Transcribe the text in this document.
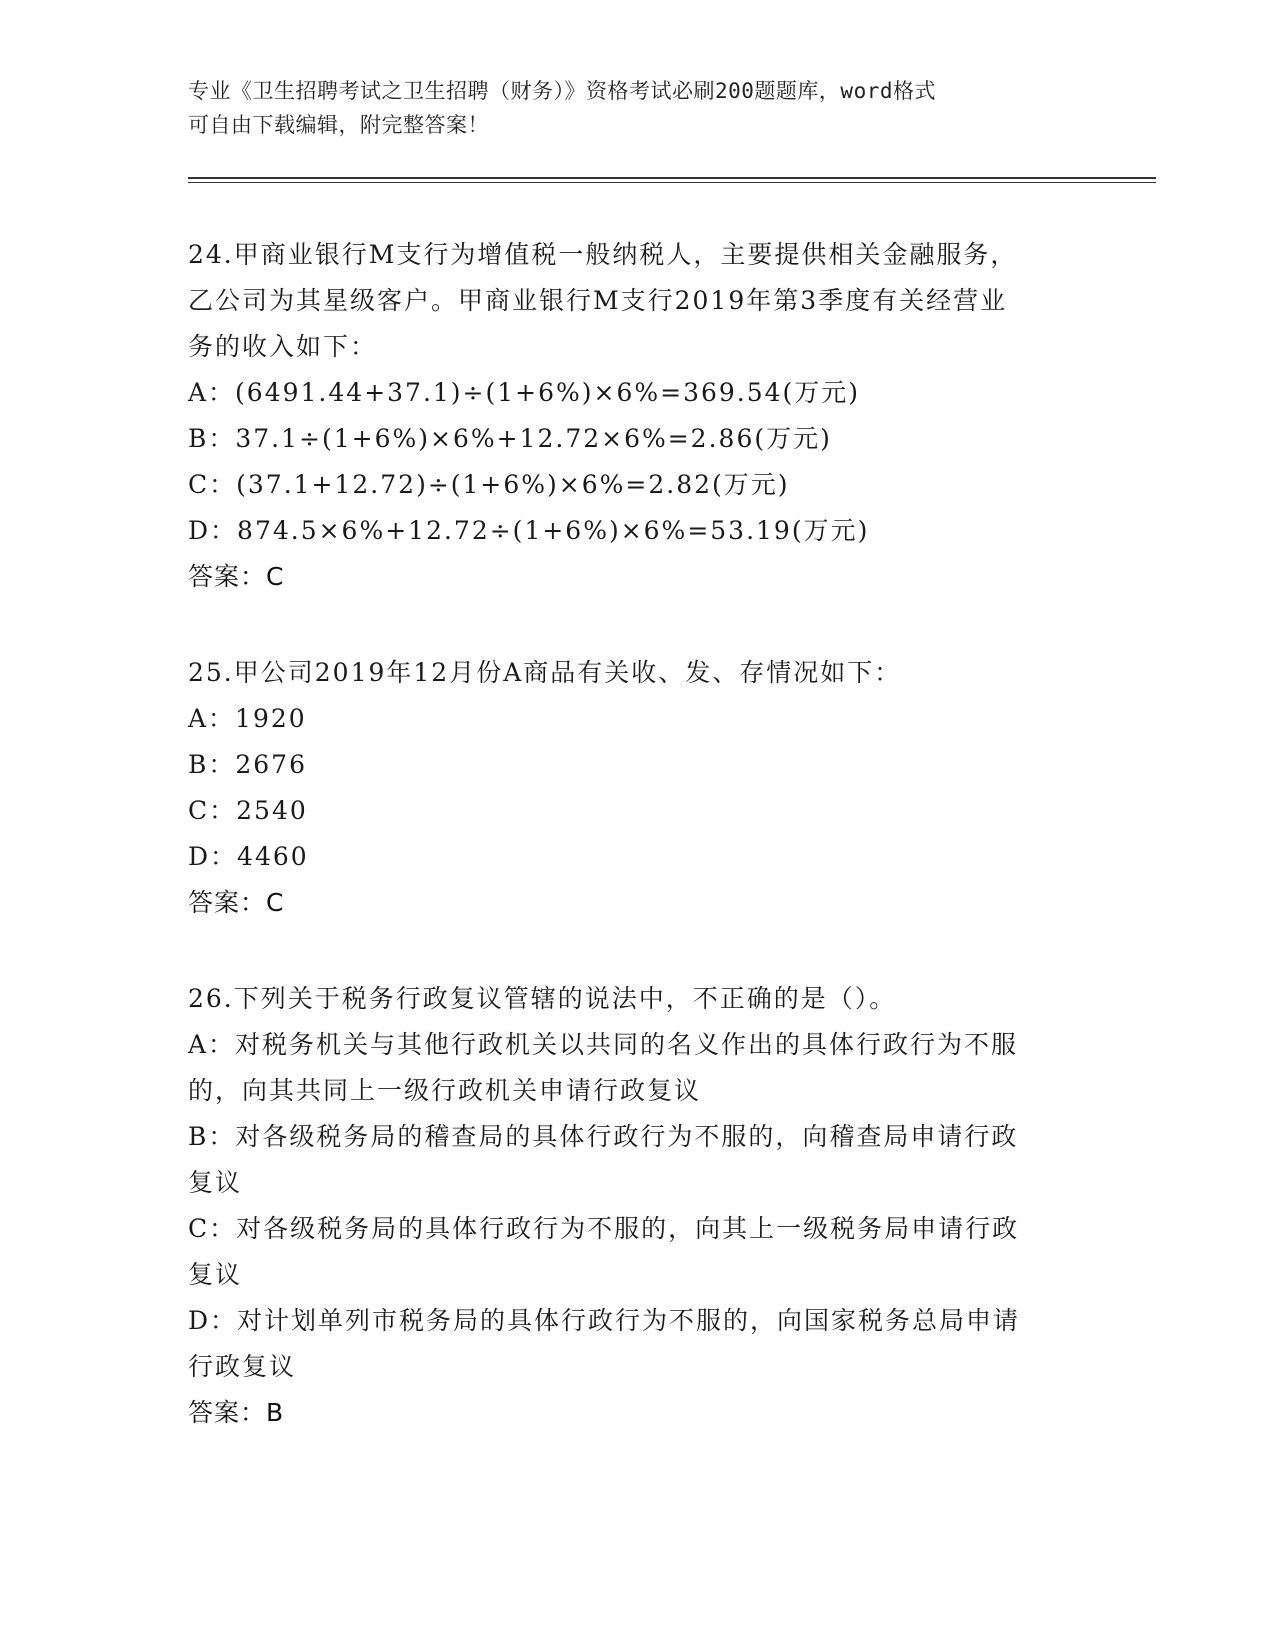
专业《卫生招聘考试之卫生招聘（财务）》资格考试必刷200题题库，word格式
可自由下载编辑，附完整答案！
24.甲商业银行M支行为增值税一般纳税人，主要提供相关金融服务，
乙公司为其星级客户。甲商业银行M支行2019年第3季度有关经营业
务的收入如下：
A：(6491.44+37.1)÷(1+6%)×6%=369.54(万元)
B：37.1÷(1+6%)×6%+12.72×6%=2.86(万元)
C：(37.1+12.72)÷(1+6%)×6%=2.82(万元)
D：874.5×6%+12.72÷(1+6%)×6%=53.19(万元)
答案：C
25.甲公司2019年12月份A商品有关收、发、存情况如下：
A：1920
B：2676
C：2540
D：4460
答案：C
26.下列关于税务行政复议管辖的说法中，不正确的是（）。
A：对税务机关与其他行政机关以共同的名义作出的具体行政行为不服
的，向其共同上一级行政机关申请行政复议
B：对各级税务局的稽查局的具体行政行为不服的，向稽查局申请行政
复议
C：对各级税务局的具体行政行为不服的，向其上一级税务局申请行政
复议
D：对计划单列市税务局的具体行政行为不服的，向国家税务总局申请
行政复议
答案：B
